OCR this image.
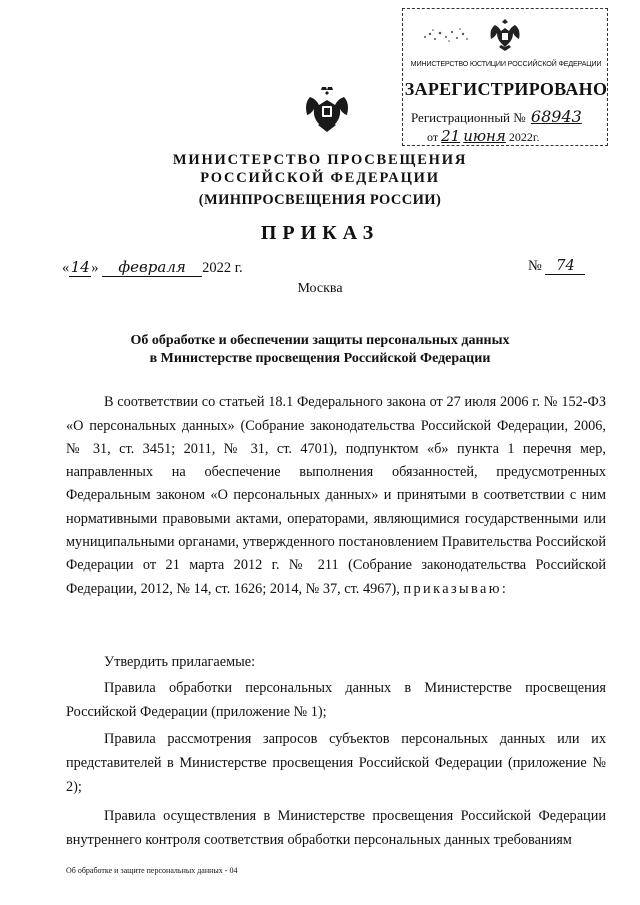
МИНИСТЕРСТВО ЮСТИЦИИ РОССИЙСКОЙ ФЕДЕРАЦИИ
ЗАРЕГИСТРИРОВАНО
Регистрационный № 68943
от 21 июня 2022г.
МИНИСТЕРСТВО ПРОСВЕЩЕНИЯ
РОССИЙСКОЙ ФЕДЕРАЦИИ
(МИНПРОСВЕЩЕНИЯ РОССИИ)
ПРИКАЗ
«14» февраля 2022 г.	№ 74
Москва
Об обработке и обеспечении защиты персональных данных
в Министерстве просвещения Российской Федерации

В соответствии со статьей 18.1 Федерального закона от 27 июля 2006 г. № 152-ФЗ «О персональных данных» (Собрание законодательства Российской Федерации, 2006, № 31, ст. 3451; 2011, № 31, ст. 4701), подпунктом «б» пункта 1 перечня мер, направленных на обеспечение выполнения обязанностей, предусмотренных Федеральным законом «О персональных данных» и принятыми в соответствии с ним нормативными правовыми актами, операторами, являющимися государственными или муниципальными органами, утвержденного постановлением Правительства Российской Федерации от 21 марта 2012 г. № 211 (Собрание законодательства Российской Федерации, 2012, № 14, ст. 1626; 2014, № 37, ст. 4967), приказываю:

Утвердить прилагаемые:

Правила обработки персональных данных в Министерстве просвещения Российской Федерации (приложение № 1);

Правила рассмотрения запросов субъектов персональных данных или их представителей в Министерстве просвещения Российской Федерации (приложение № 2);

Правила осуществления в Министерстве просвещения Российской Федерации внутреннего контроля соответствия обработки персональных данных требованиям

Об обработке и защите персональных данных - 04
